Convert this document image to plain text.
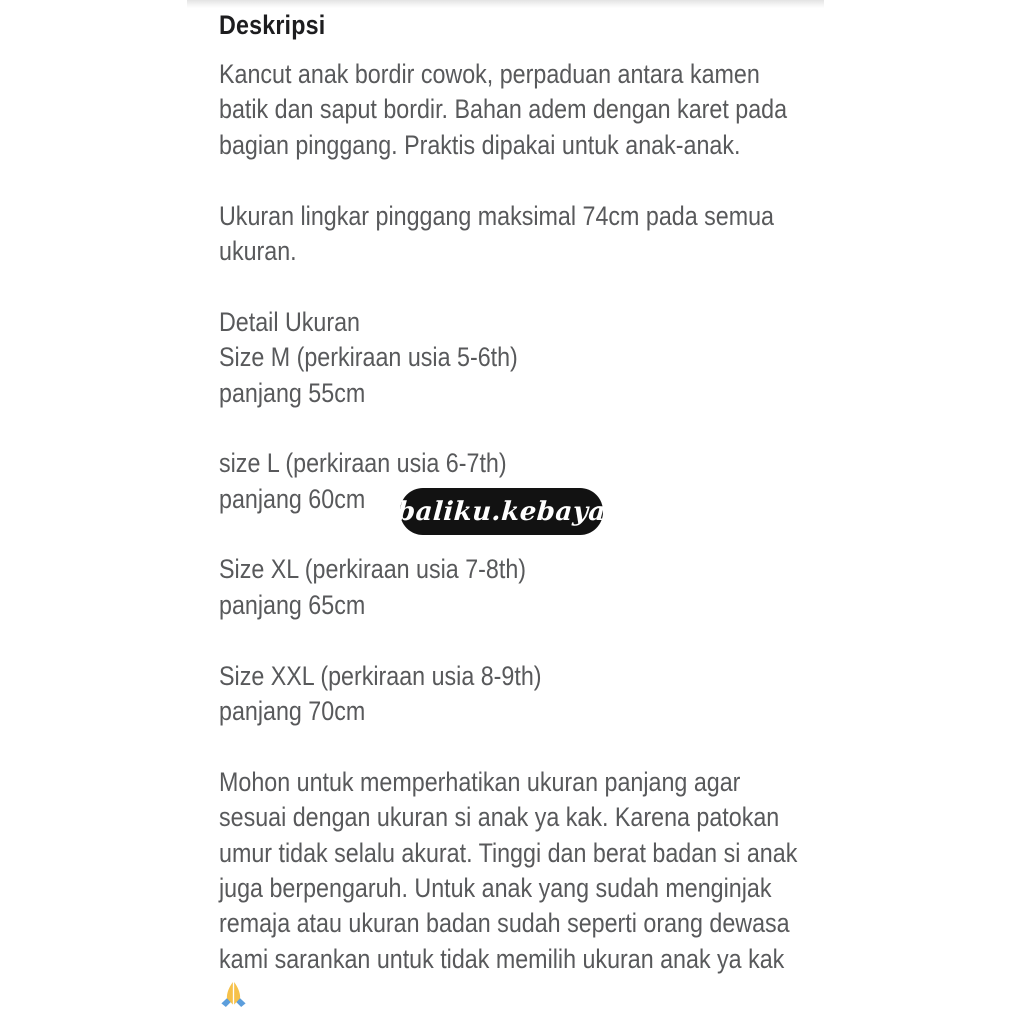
Deskripsi
Kancut anak bordir cowok, perpaduan antara kamen
batik dan saput bordir. Bahan adem dengan karet pada
bagian pinggang. Praktis dipakai untuk anak-anak.
Ukuran lingkar pinggang maksimal 74cm pada semua
ukuran.
Detail Ukuran
Size M (perkiraan usia 5-6th)
panjang 55cm
size L (perkiraan usia 6-7th)
panjang 60cm
Size XL (perkiraan usia 7-8th)
panjang 65cm
Size XXL (perkiraan usia 8-9th)
panjang 70cm
Mohon untuk memperhatikan ukuran panjang agar
sesuai dengan ukuran si anak ya kak. Karena patokan
umur tidak selalu akurat. Tinggi dan berat badan si anak
juga berpengaruh. Untuk anak yang sudah menginjak
remaja atau ukuran badan sudah seperti orang dewasa
kami sarankan untuk tidak memilih ukuran anak ya kak
baliku.kebaya
